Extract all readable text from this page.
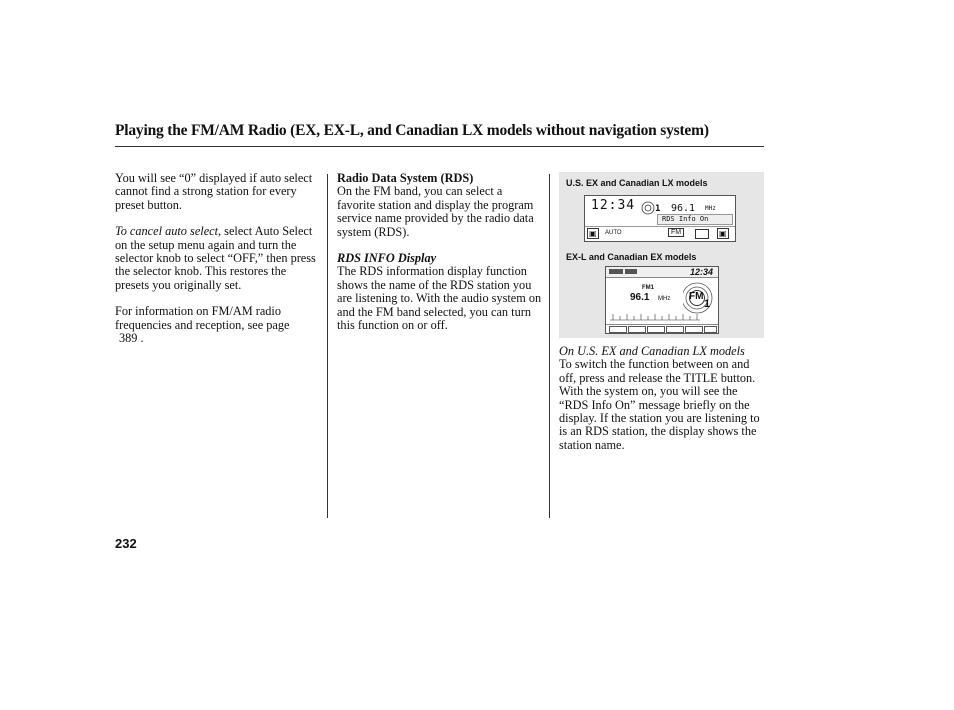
Playing the FM/AM Radio (EX, EX-L, and Canadian LX models without navigation system)

You will see “0” displayed if auto select cannot find a strong station for every preset button.

To cancel auto select, select Auto Select on the setup menu again and turn the selector knob to select “OFF,” then press the selector knob. This restores the presets you originally set.

For information on FM/AM radio frequencies and reception, see page
389 .

Radio Data System (RDS)

On the FM band, you can select a favorite station and display the program service name provided by the radio data system (RDS).

RDS INFO Display

The RDS information display function shows the name of the RDS station you are listening to. With the audio system on and the FM band selected, you can turn this function on or off.

U.S. EX and Canadian LX models
12:34 1 96.1 MHz
RDS Info On
▣	AUTO	FM	▣
EX-L and Canadian EX models
12:34
FM1
96.1 MHz FM
1

On U.S. EX and Canadian LX models

To switch the function between on and off, press and release the TITLE button. With the system on, you will see the “RDS Info On” message briefly on the display. If the station you are listening to is an RDS station, the display shows the station name.

232
